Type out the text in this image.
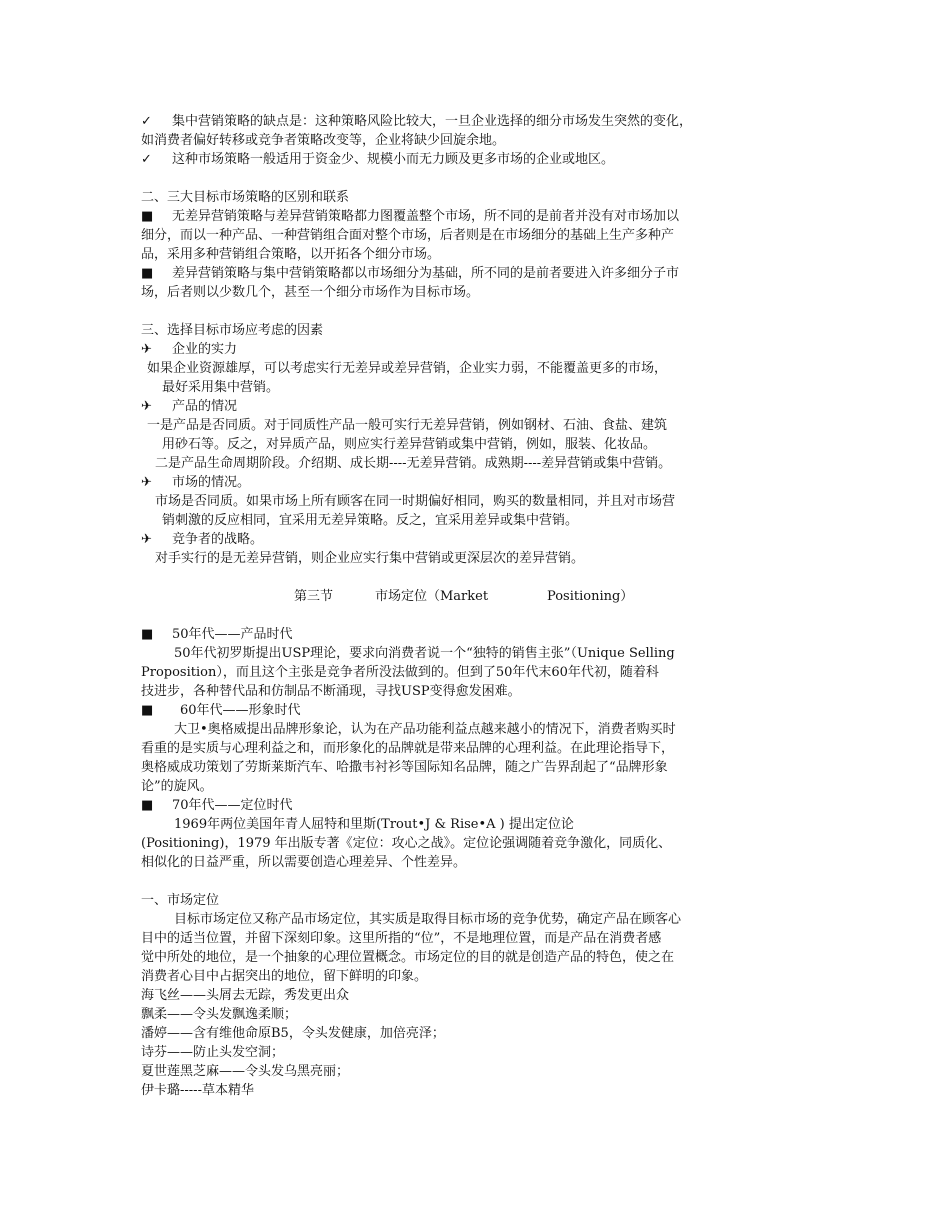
✓ 集中营销策略的缺点是：这种策略风险比较大，一旦企业选择的细分市场发生突然的变化，
如消费者偏好转移或竞争者策略改变等，企业将缺少回旋余地。
✓ 这种市场策略一般适用于资金少、规模小而无力顾及更多市场的企业或地区。
二、三大目标市场策略的区别和联系
■ 无差异营销策略与差异营销策略都力图覆盖整个市场，所不同的是前者并没有对市场加以
细分，而以一种产品、一种营销组合面对整个市场，后者则是在市场细分的基础上生产多种产
品，采用多种营销组合策略，以开拓各个细分市场。
■ 差异营销策略与集中营销策略都以市场细分为基础，所不同的是前者要进入许多细分子市
场，后者则以少数几个，甚至一个细分市场作为目标市场。
三、选择目标市场应考虑的因素
✈ 企业的实力
如果企业资源雄厚，可以考虑实行无差异或差异营销，企业实力弱，不能覆盖更多的市场，
最好采用集中营销。
✈ 产品的情况
一是产品是否同质。对于同质性产品一般可实行无差异营销，例如钢材、石油、食盐、建筑
用砂石等。反之，对异质产品，则应实行差异营销或集中营销，例如，服装、化妆品。
二是产品生命周期阶段。介绍期、成长期----无差异营销。成熟期----差异营销或集中营销。
✈ 市场的情况。
市场是否同质。如果市场上所有顾客在同一时期偏好相同，购买的数量相同，并且对市场营
销刺激的反应相同，宜采用无差异策略。反之，宜采用差异或集中营销。
✈ 竞争者的战略。
对手实行的是无差异营销，则企业应实行集中营销或更深层次的差异营销。
第三节	市场定位（Market	Positioning）
■ 50年代——产品时代
50年代初罗斯提出USP理论，要求向消费者说一个“独特的销售主张”（Unique Selling
Proposition），而且这个主张是竞争者所没法做到的。但到了50年代末60年代初，随着科
技进步，各种替代品和仿制品不断涌现，寻找USP变得愈发困难。
■ 60年代——形象时代
大卫•奥格威提出品牌形象论，认为在产品功能利益点越来越小的情况下，消费者购买时
看重的是实质与心理利益之和，而形象化的品牌就是带来品牌的心理利益。在此理论指导下，
奥格威成功策划了劳斯莱斯汽车、哈撒韦衬衫等国际知名品牌，随之广告界刮起了“品牌形象
论”的旋风。
■ 70年代——定位时代
1969年两位美国年青人屈特和里斯(Trout•J & Rise•A ) 提出定位论
(Positioning)，1979 年出版专著《定位：攻心之战》。定位论强调随着竞争激化，同质化、
相似化的日益严重，所以需要创造心理差异、个性差异。
一、市场定位
目标市场定位又称产品市场定位，其实质是取得目标市场的竞争优势，确定产品在顾客心
目中的适当位置，并留下深刻印象。这里所指的“位”，不是地理位置，而是产品在消费者感
觉中所处的地位，是一个抽象的心理位置概念。市场定位的目的就是创造产品的特色，使之在
消费者心目中占据突出的地位，留下鲜明的印象。
海飞丝——头屑去无踪，秀发更出众
飘柔——令头发飘逸柔顺；
潘婷——含有维他命原B5，令头发健康，加倍亮泽；
诗芬——防止头发空洞；
夏世莲黑芝麻——令头发乌黑亮丽；
伊卡璐-----草本精华
